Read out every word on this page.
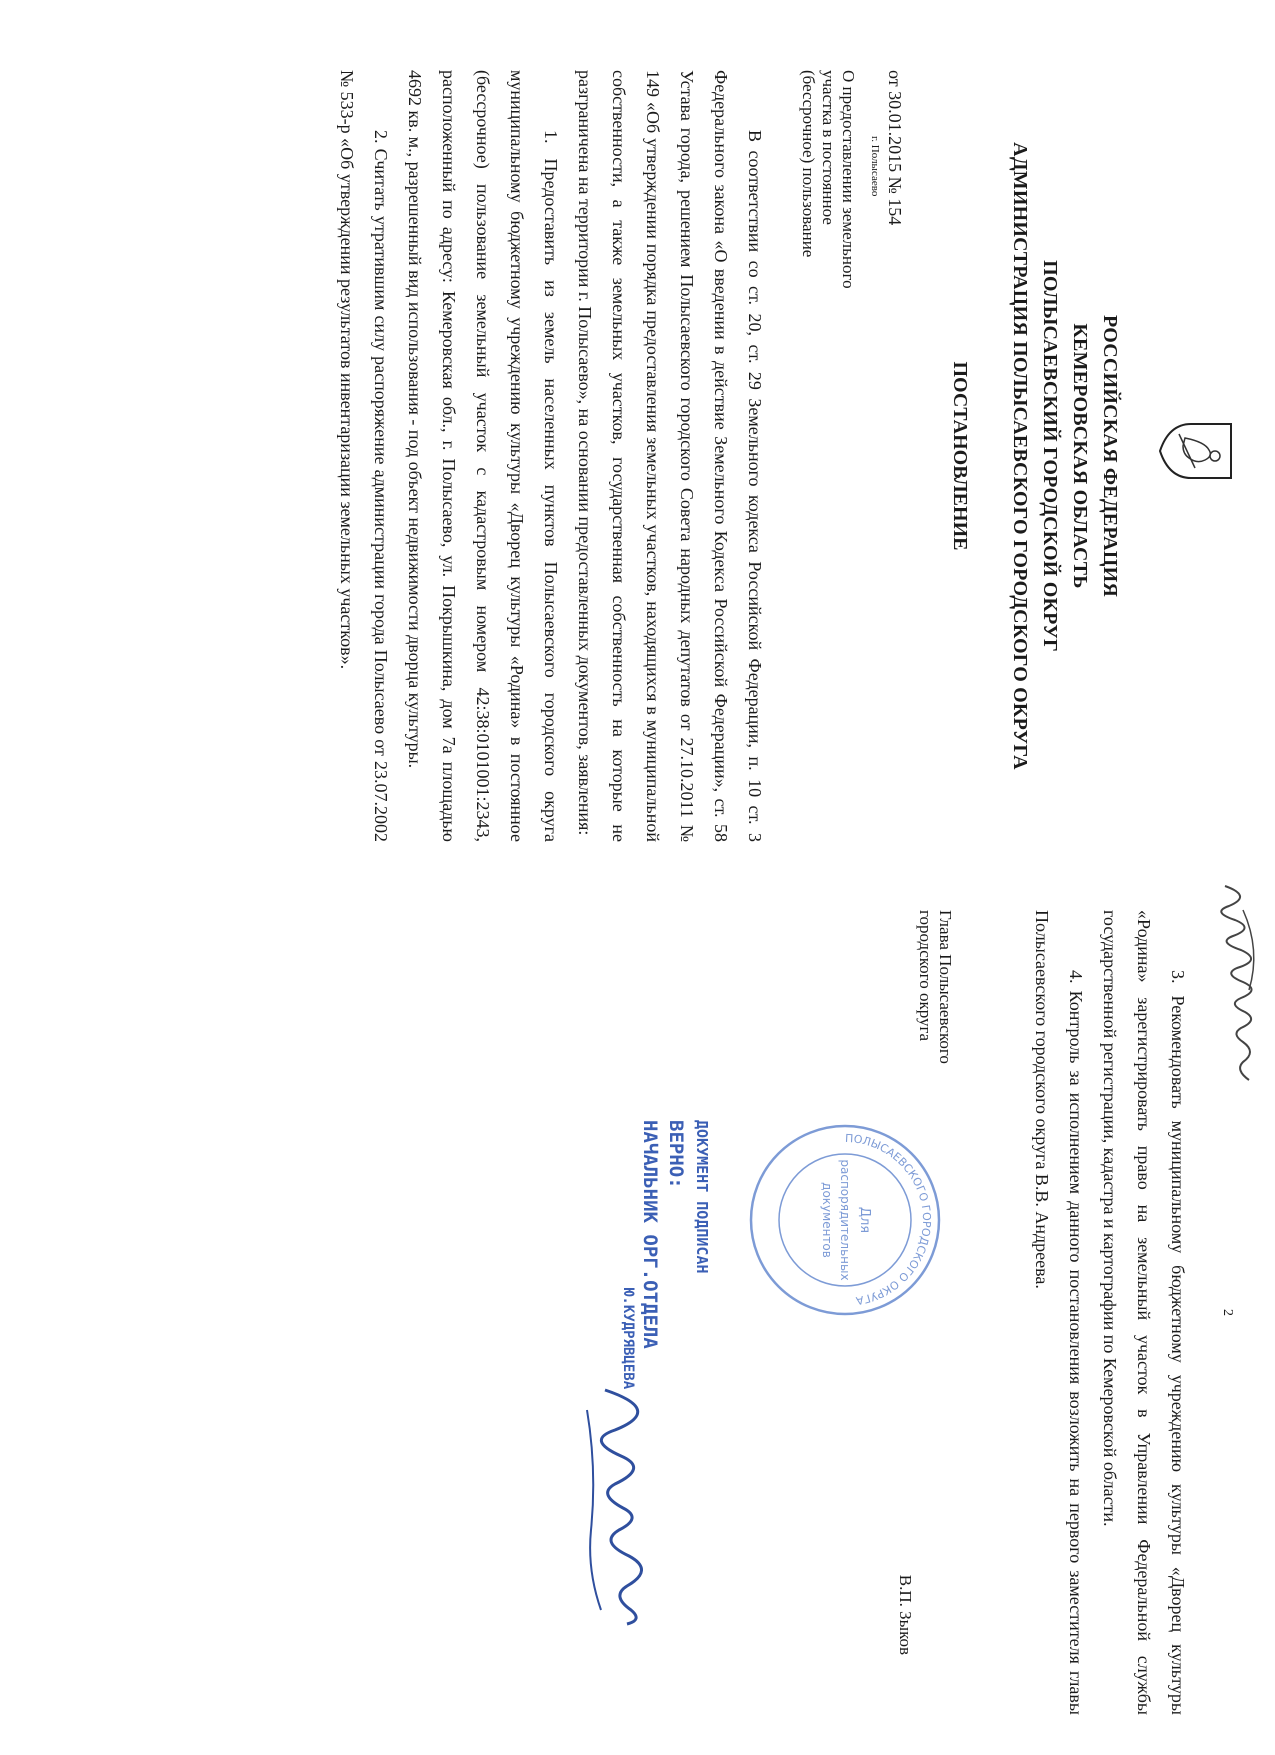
РОССИЙСКАЯ ФЕДЕРАЦИЯ
КЕМЕРОВСКАЯ ОБЛАСТЬ
ПОЛЫСАЕВСКИЙ ГОРОДСКОЙ ОКРУГ
АДМИНИСТРАЦИЯ ПОЛЫСАЕВСКОГО ГОРОДСКОГО ОКРУГА
ПОСТАНОВЛЕНИЕ
от 30.01.2015 № 154
г. Полысаево
О предоставлении земельного участка в постоянное (бессрочное) пользование

В соответствии со ст. 20, ст. 29 Земельного кодекса Российской Федерации, п. 10 ст. 3 Федерального закона «О введении в действие Земельного Кодекса Российской Федерации», ст. 58 Устава города, решением Полысаевского городского Совета народных депутатов от 27.10.2011 № 149 «Об утверждении порядка предоставления земельных участков, находящихся в муниципальной собственности, а также земельных участков, государственная собственность на которые не разграничена на территории г. Полысаево», на основании предоставленных документов, заявления:

1. Предоставить из земель населенных пунктов Полысаевского городского округа муниципальному бюджетному учреждению культуры «Дворец культуры «Родина» в постоянное (бессрочное) пользование земельный участок с кадастровым номером 42:38:0101001:2343, расположенный по адресу: Кемеровская обл., г. Полысаево, ул. Покрышкина, дом 7а площадью 4692 кв. м., разрешенный вид использования - под объект недвижимости дворца культуры.

2. Считать утратившим силу распоряжение администрации города Полысаево от 23.07.2002 № 533-р «Об утверждении результатов инвентаризации земельных участков».

2

3. Рекомендовать муниципальному бюджетному учреждению культуры «Дворец культуры «Родина» зарегистрировать право на земельный участок в Управлении Федеральной службы государственной регистрации, кадастра и картографии по Кемеровской области.

4. Контроль за исполнением данного постановления возложить на первого заместителя главы Полысаевского городского округа В.В. Андреева.

Глава Полысаевского
городского округа
В.П. Зыков
ПОЛЫСАЕВСКОГО ГОРОДСКОГО ОКРУГА
Для
распорядительных
документов
ДОКУМЕНТ ПОДПИСАН
ВЕРНО:
НАЧАЛЬНИК ОРГ.ОТДЕЛА
Ю.КУДРЯВЦЕВА
